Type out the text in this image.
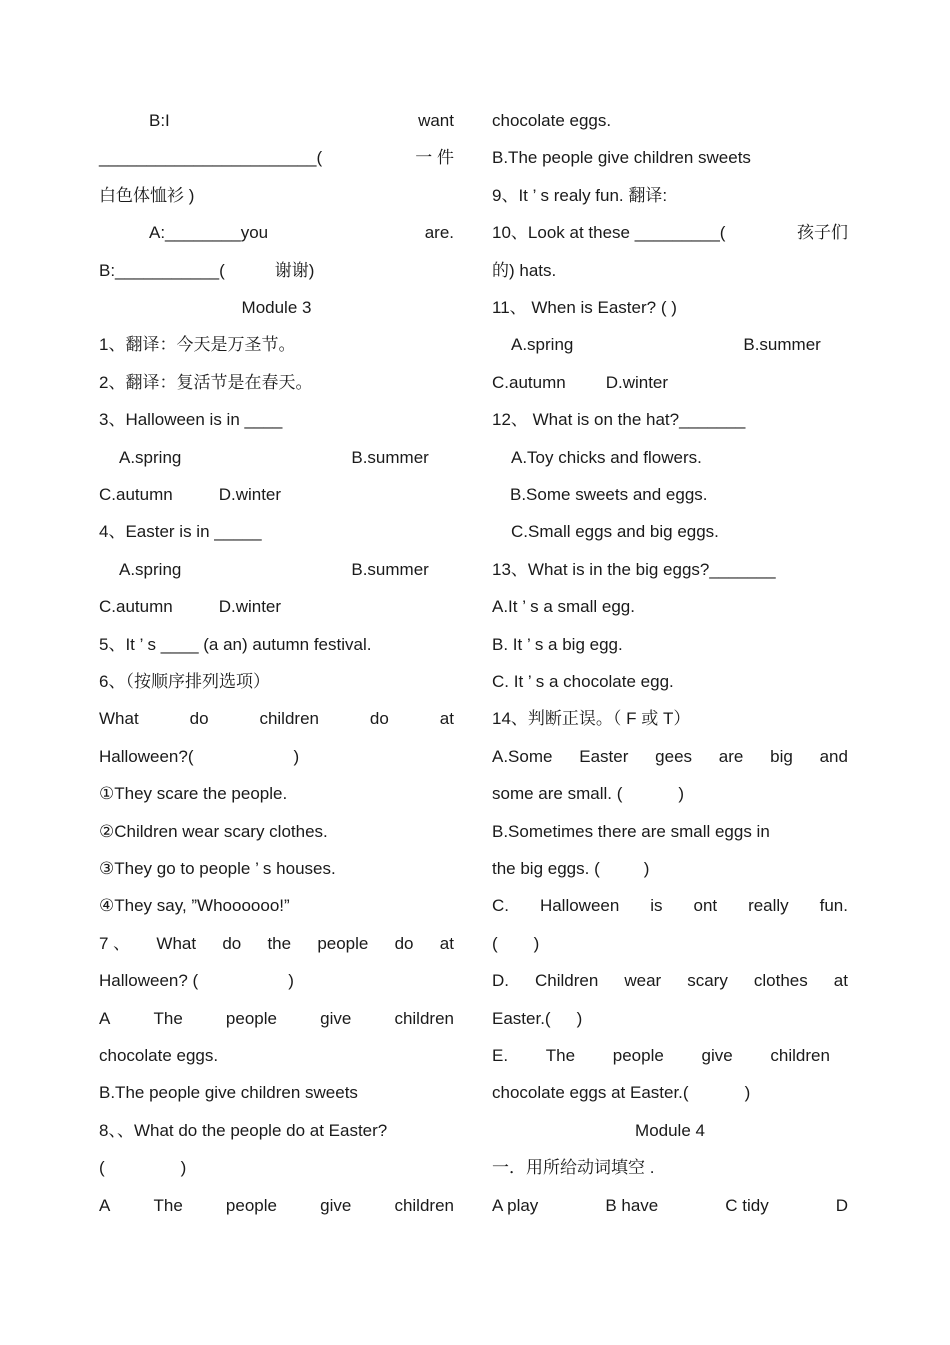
B:I	want
_______________________(	一 件
白色体恤衫 )
A:________you	are.
B:___________(	谢谢)
Module 3
1、翻译：今天是万圣节。
2、翻译：复活节是在春天。
3、Halloween is in ____
A.spring	B.summer
C.autumn	D.winter
4、Easter is in _____
A.spring	B.summer
C.autumn	D.winter
5、It ’ s ____ (a an) autumn festival.
6、（按顺序排列选项）
What	do	children	do	at
Halloween?(	)
①They scare the people.
②Children wear scary clothes.
③They go to people ’ s houses.
④They say, ”Whoooooo!”
7 、 What do the people do at
Halloween? (	)
A	The	people	give	children
chocolate eggs.
B.The people give children sweets
8、、What do the people do at Easter?
(	)
A	The	people	give	children
chocolate eggs.
B.The people give children sweets
9、It ’ s realy fun. 翻译:
10、Look at these _________(	孩子们
的) hats.
11、 When is Easter? ( )
A.spring	B.summer
C.autumn D.winter
12、 What is on the hat?_______
A.Toy chicks and flowers.
B.Some sweets and eggs.
C.Small eggs and big eggs.
13、What is in the big eggs?_______
A.It ’ s a small egg.
B. It ’ s a big egg.
C. It ’ s a chocolate egg.
14、判断正误。（ F 或 T）
A.Some Easter gees are big and
some are small. (	)
B.Sometimes there are small eggs in
the big eggs. (	)
C. Halloween is ont really fun.
( )
D. Children wear scary clothes at
Easter.( )
E. The people give children
chocolate eggs at Easter.(	)
Module 4
一．用所给动词填空 .
A play	B have	C tidy	D
